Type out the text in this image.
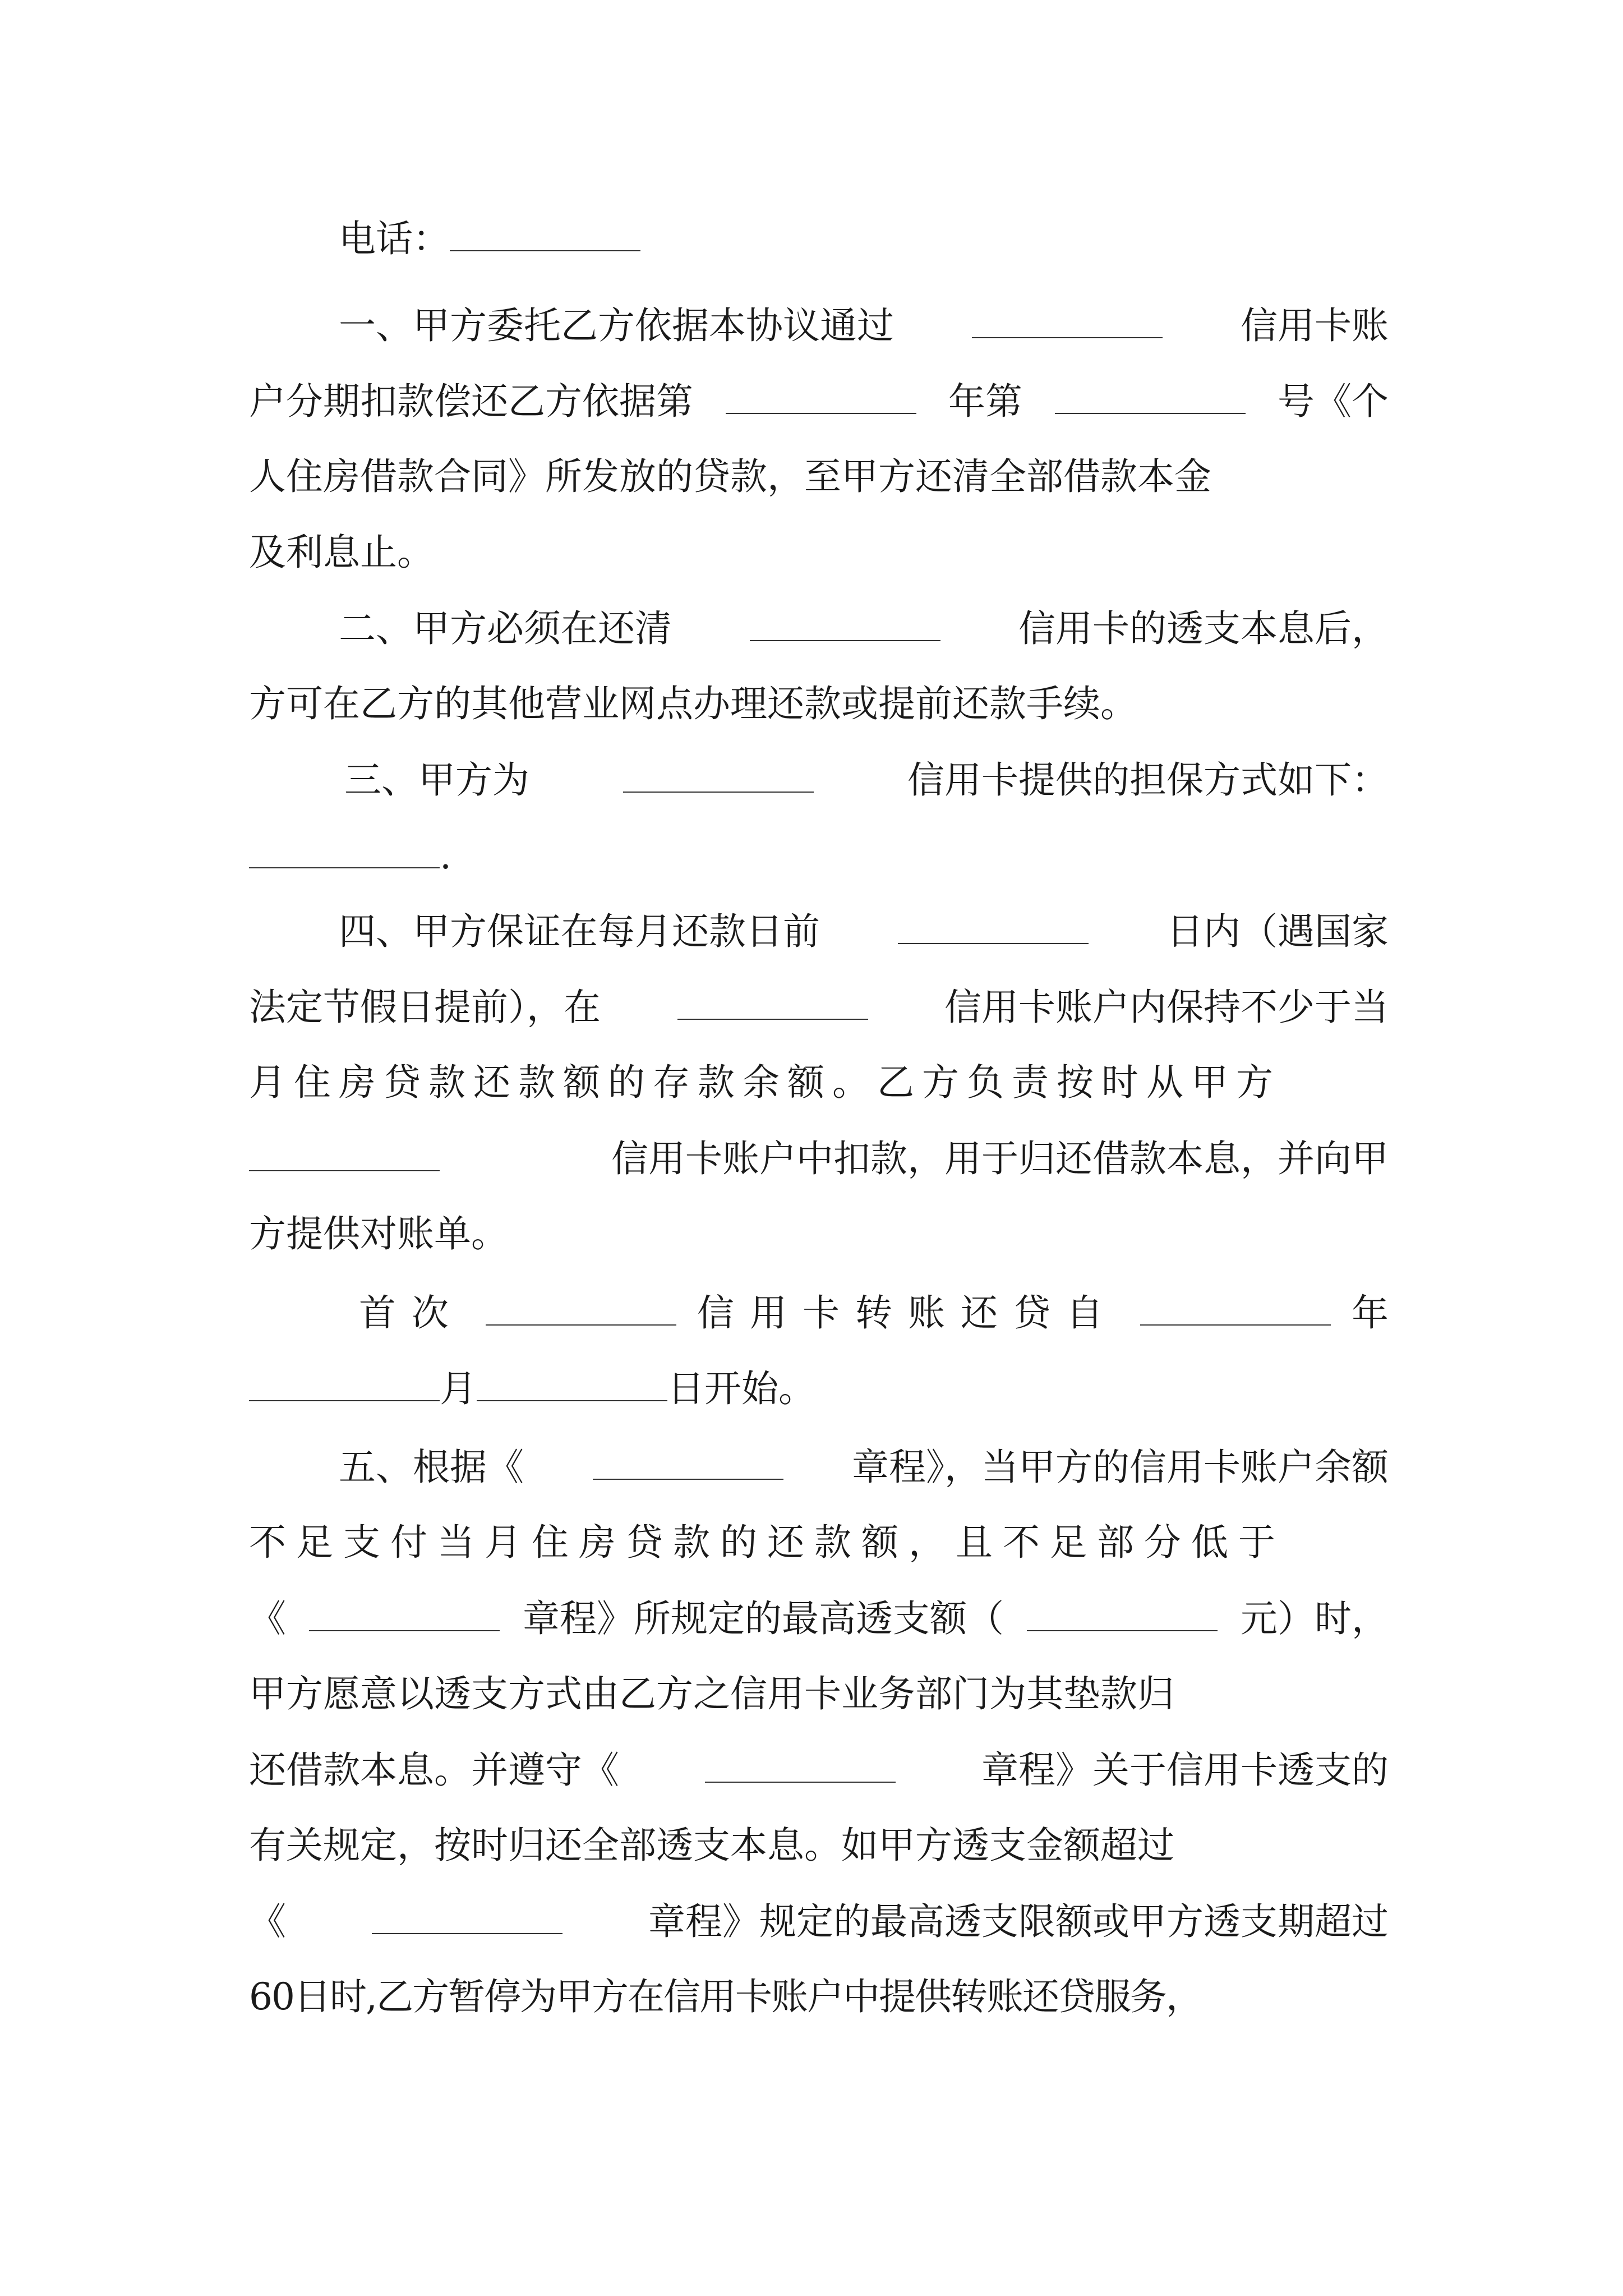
电话：
一、甲方委托乙方依据本协议通过	信用卡账
户分期扣款偿还乙方依据第	年第	号《个
人住房借款合同》所发放的贷款，至甲方还清全部借款本金
及利息止。
二、甲方必须在还清	信用卡的透支本息后，
方可在乙方的其他营业网点办理还款或提前还款手续。
三、甲方为	信用卡提供的担保方式如下：
.
四、甲方保证在每月还款日前	日内（遇国家
法定节假日提前），在	信用卡账户内保持不少于当
月住房贷款还款额的存款余额。乙方负责按时从甲方
信用卡账户中扣款，用于归还借款本息，并向甲
方提供对账单。
首次	信用卡转账还贷自	年
月	日开始。
五、根据《	章程》，当甲方的信用卡账户余额
不足支付当月住房贷款的还款额，且不足部分低于
《	章程》所规定的最高透支额（	元）时，
甲方愿意以透支方式由乙方之信用卡业务部门为其垫款归
还借款本息。并遵守《	章程》关于信用卡透支的
有关规定，按时归还全部透支本息。如甲方透支金额超过
《	章程》规定的最高透支限额或甲方透支期超过
60日时,乙方暂停为甲方在信用卡账户中提供转账还贷服务，
